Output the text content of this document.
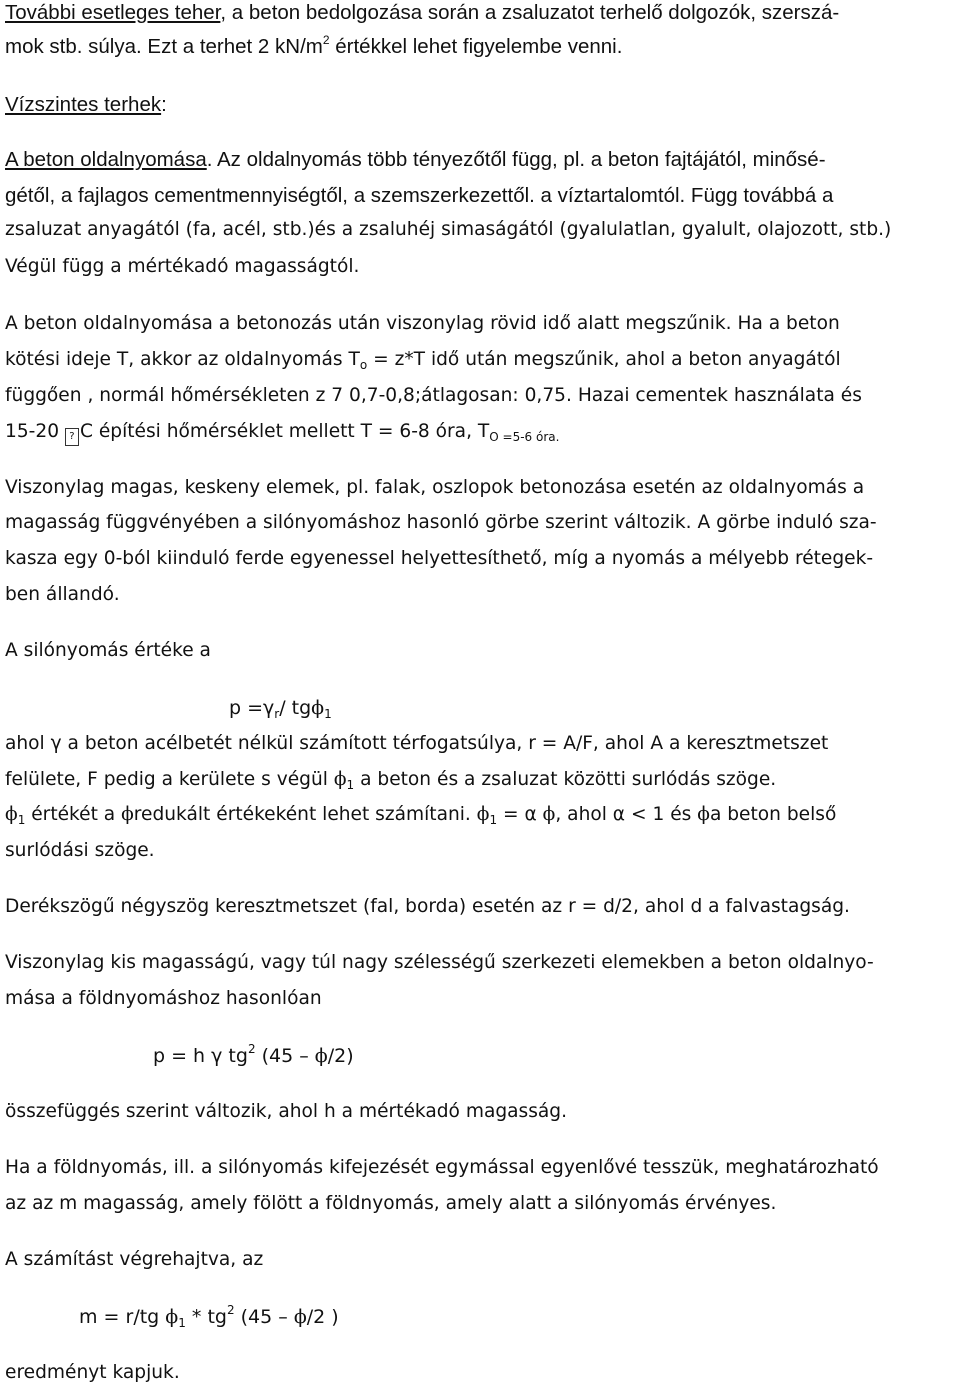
További esetleges teher, a beton bedolgozása során a zsaluzatot terhelő dolgozók, szerszá-
mok stb. súlya. Ezt a terhet 2 $kN/m^2$ értékkel lehet figyelembe venni.
Vízszintes terhek:
A beton oldalnyomása. Az oldalnyomás több tényezőtől függ, pl. a beton fajtájától, minősé-
gétől, a fajlagos cementmennyiségtől, a szemszerkezettől. a víztartalomtól. Függ továbbá a
zsaluzat anyagától (fa, acél, stb.)és a zsaluhéj simaságától (gyalulatlan, gyalult, olajozott, stb.)
Végül függ a mértékadó magasságtól.
A beton oldalnyomása a betonozás után viszonylag rövid idő alatt megszűnik. Ha a beton
kötési ideje T, akkor az oldalnyomás $T_o = z*T$ idő után megszűnik, ahol a beton anyagától
függően , normál hőmérsékleten z 7 0,7-0,8;átlagosan: 0,75. Hazai cementek használata és
15-20 ? C építési hőmérséklet mellett T = 6-8 óra, $T_{O =5-6 óra.}$
Viszonylag magas, keskeny elemek, pl. falak, oszlopok betonozása esetén az oldalnyomás a
magasság függvényében a silónyomáshoz hasonló görbe szerint változik. A görbe induló sza-
kasza egy 0-ból kiinduló ferde egyenessel helyettesíthető, míg a nyomás a mélyebb rétegek-
ben állandó.
A silónyomás értéke a
$p =\gamma_r/$ tgϕ$_1$
ahol γ a beton acélbetét nélkül számított térfogatsúlya, r = A/F, ahol A a keresztmetszet
felülete, F pedig a kerülete s végül $\phi_1$ a beton és a zsaluzat közötti surlódás szöge.
$\phi_1$ értékét a ϕredukált értékeként lehet számítani. $\phi_1 = \alpha$ ϕ, ahol α < 1 és ϕa beton belső
surlódási szöge.
Derékszögű négyszög keresztmetszet (fal, borda) esetén az r = d/2, ahol d a falvastagság.
Viszonylag kis magasságú, vagy túl nagy szélességű szerkezeti elemekben a beton oldalnyo-
mása a földnyomáshoz hasonlóan
p = h γ $tg^2$ (45 – ϕ/2)
összefüggés szerint változik, ahol h a mértékadó magasság.
Ha a földnyomás, ill. a silónyomás kifejezését egymással egyenlővé tesszük, meghatározható
az az m magasság, amely fölött a földnyomás, amely alatt a silónyomás érvényes.
A számítást végrehajtva, az
m = r/tg $\phi_1 * tg^2$ (45 – ϕ/2 )
eredményt kapjuk.
